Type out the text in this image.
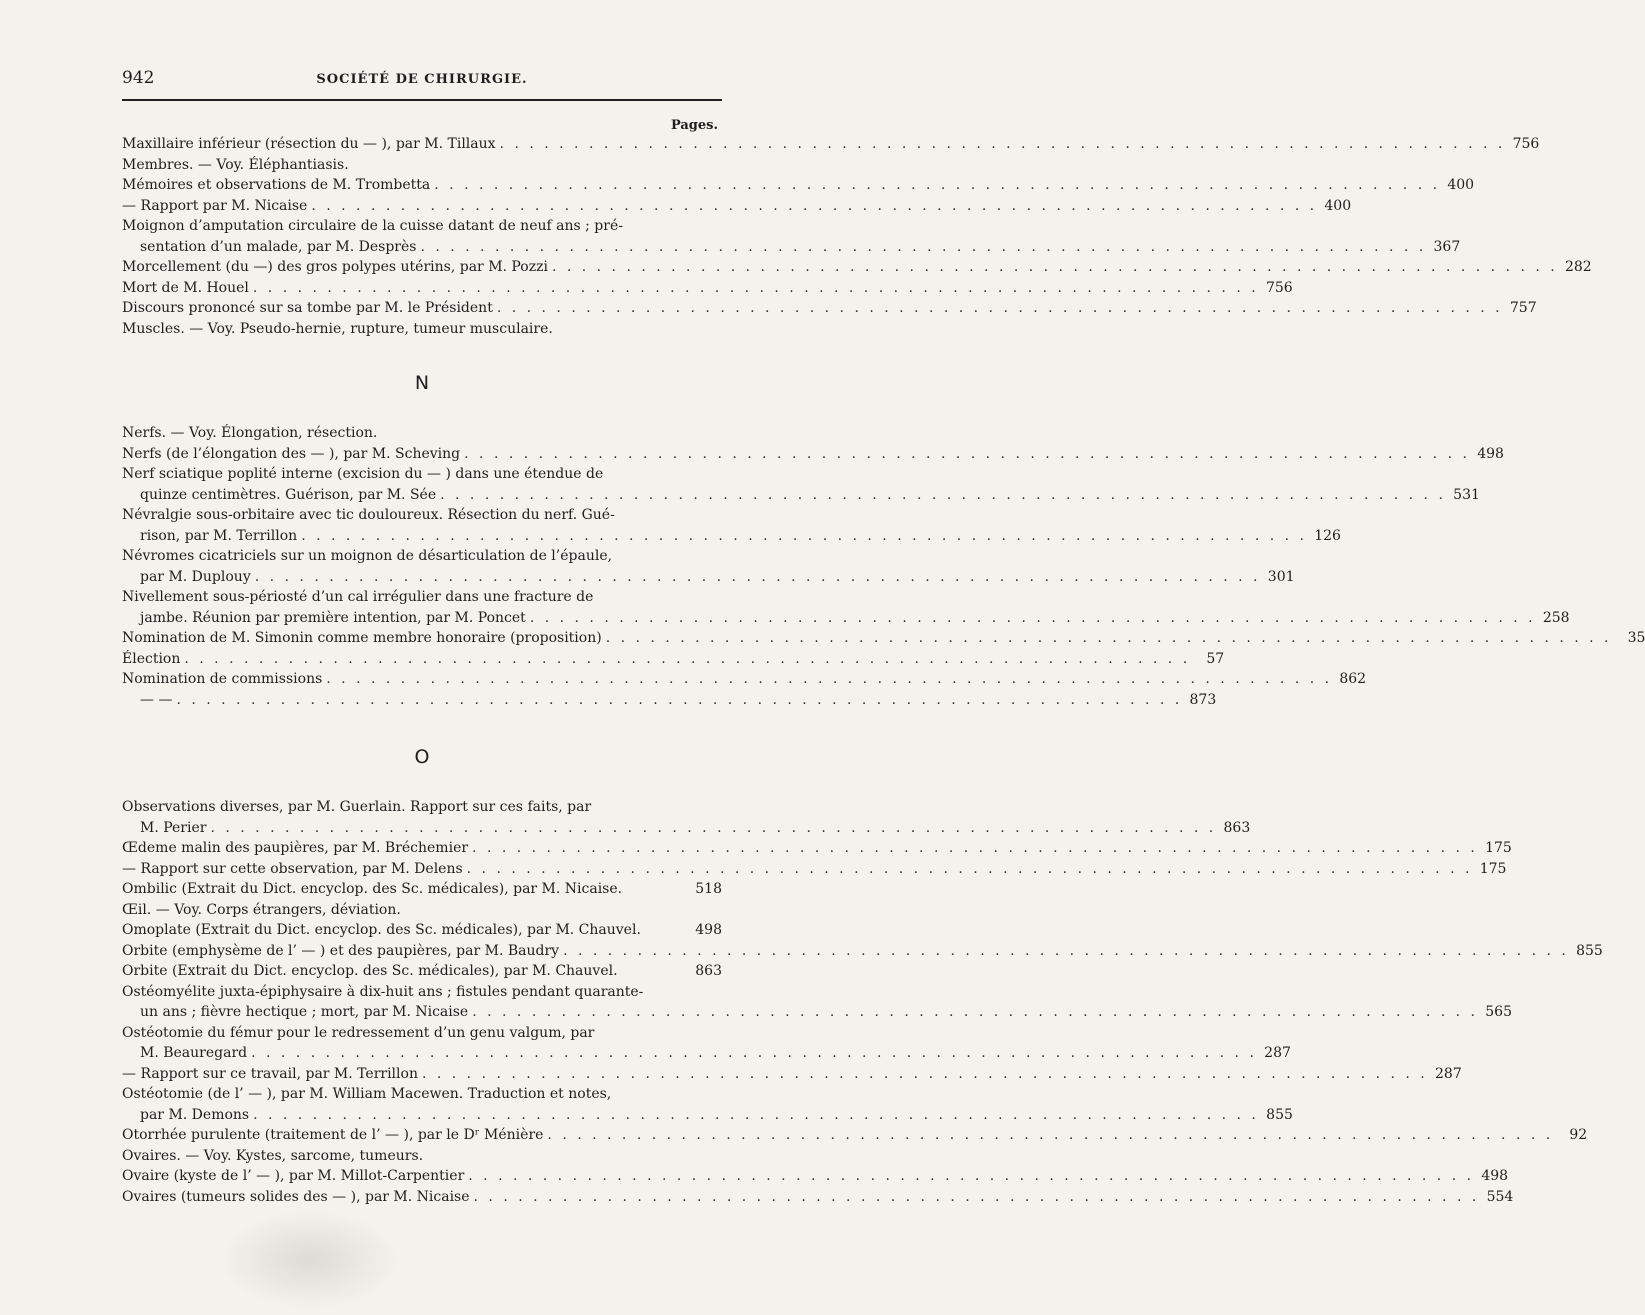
942	SOCIÉTÉ DE CHIRURGIE.
Pages.
Maxillaire inférieur (résection du — ), par M. Tillaux . . .	756
Membres. — Voy. Éléphantiasis.
Mémoires et observations de M. Trombetta . . .	400
— Rapport par M. Nicaise . . .	400
Moignon d’amputation circulaire de la cuisse datant de neuf ans ; pré-
sentation d’un malade, par M. Desprès . . .	367
Morcellement (du —) des gros polypes utérins, par M. Pozzi . . .	282
Mort de M. Houel . . .	756
Discours prononcé sur sa tombe par M. le Président . . .	757
Muscles. — Voy. Pseudo-hernie, rupture, tumeur musculaire.
N
Nerfs. — Voy. Élongation, résection.
Nerfs (de l’élongation des — ), par M. Scheving . . .	498
Nerf sciatique poplité interne (excision du — ) dans une étendue de
quinze centimètres. Guérison, par M. Sée . . .	531
Névralgie sous-orbitaire avec tic douloureux. Résection du nerf. Gué-
rison, par M. Terrillon . . .	126
Névromes cicatriciels sur un moignon de désarticulation de l’épaule,
par M. Duplouy . . .	301
Nivellement sous-périosté d’un cal irrégulier dans une fracture de
jambe. Réunion par première intention, par M. Poncet . . .	258
Nomination de M. Simonin comme membre honoraire (proposition) . . .	35
Élection . . .	57
Nomination de commissions . . .	862
— — . . .	873
O
Observations diverses, par M. Guerlain. Rapport sur ces faits, par
M. Perier . . .	863
Œdeme malin des paupières, par M. Bréchemier . . .	175
— Rapport sur cette observation, par M. Delens . . .	175
Ombilic (Extrait du Dict. encyclop. des Sc. médicales), par M. Nicaise.	518
Œil. — Voy. Corps étrangers, déviation.
Omoplate (Extrait du Dict. encyclop. des Sc. médicales), par M. Chauvel.	498
Orbite (emphysème de l’ — ) et des paupières, par M. Baudry . . .	855
Orbite (Extrait du Dict. encyclop. des Sc. médicales), par M. Chauvel.	863
Ostéomyélite juxta-épiphysaire à dix-huit ans ; fistules pendant quarante-
un ans ; fièvre hectique ; mort, par M. Nicaise . . .	565
Ostéotomie du fémur pour le redressement d’un genu valgum, par
M. Beauregard . . .	287
— Rapport sur ce travail, par M. Terrillon . . .	287
Ostéotomie (de l’ — ), par M. William Macewen. Traduction et notes,
par M. Demons . . .	855
Otorrhée purulente (traitement de l’ — ), par le Dʳ Ménière . . .	92
Ovaires. — Voy. Kystes, sarcome, tumeurs.
Ovaire (kyste de l’ — ), par M. Millot-Carpentier . . .	498
Ovaires (tumeurs solides des — ), par M. Nicaise . . .	554
